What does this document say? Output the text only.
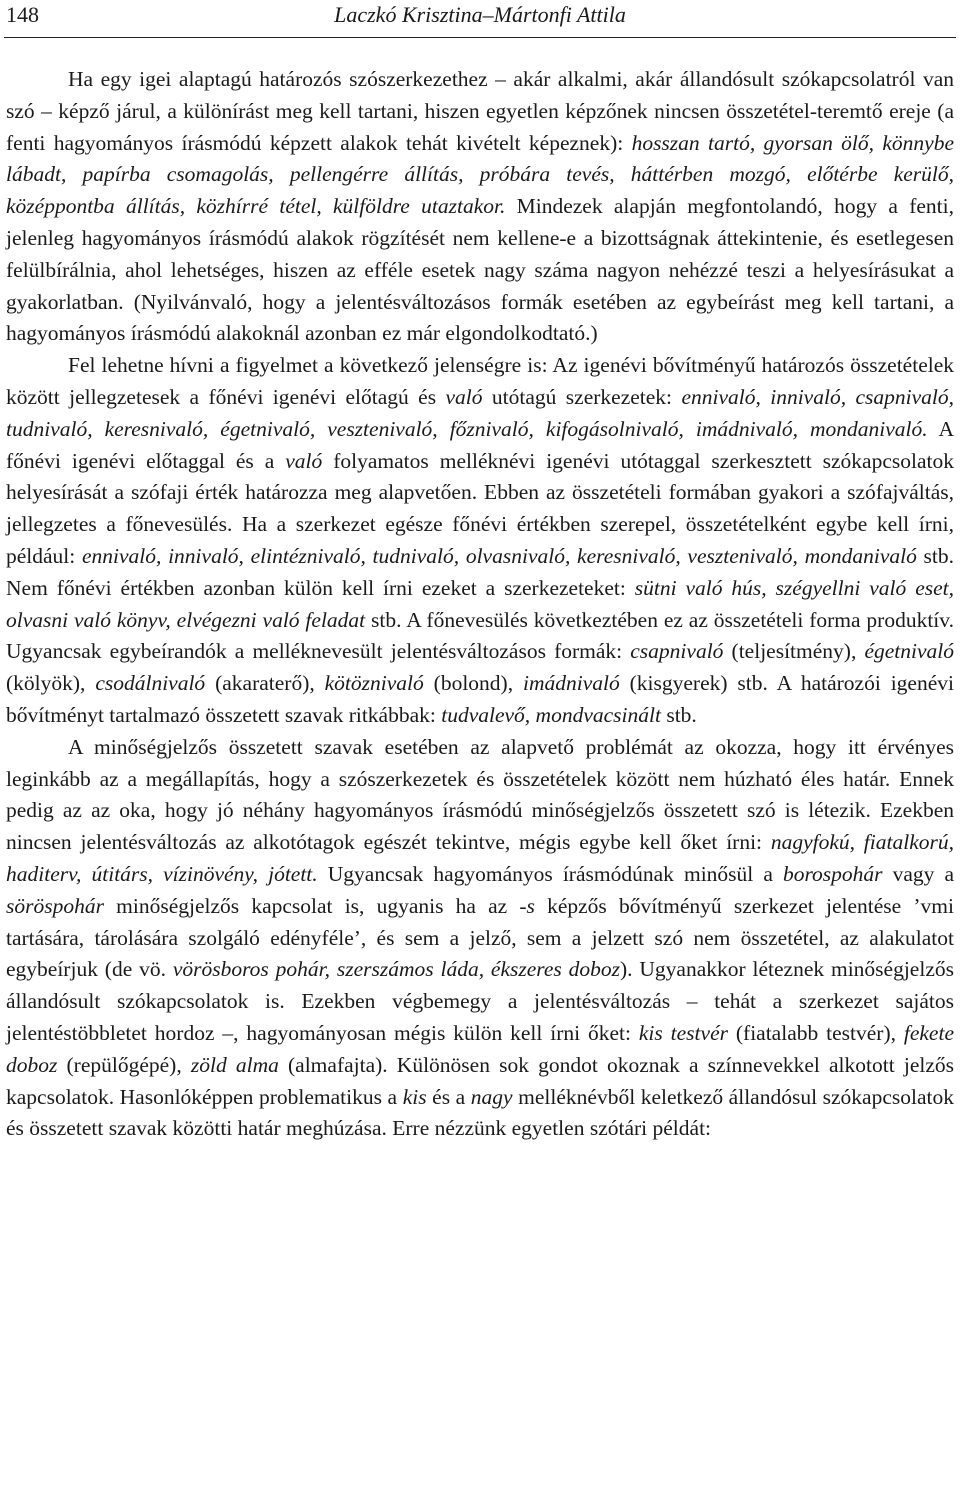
148	Laczkó Krisztina–Mártonfi Attila

Ha egy igei alaptagú határozós szószerkezethez – akár alkalmi, akár állandósult szókapcsolatról van szó – képző járul, a különírást meg kell tartani, hiszen egyetlen képzőnek nincsen összetétel-teremtő ereje (a fenti hagyományos írásmódú képzett alakok tehát kivételt képeznek): hosszan tartó, gyorsan ölő, könnybe lábadt, papírba csomagolás, pellengérre állítás, próbára tevés, háttérben mozgó, előtérbe kerülő, középpontba állítás, közhírré tétel, külföldre utaztakor. Mindezek alapján megfontolandó, hogy a fenti, jelenleg hagyományos írásmódú alakok rögzítését nem kellene-e a bizottságnak áttekintenie, és esetlegesen felülbírálnia, ahol lehetséges, hiszen az efféle esetek nagy száma nagyon nehézzé teszi a helyesírásukat a gyakorlatban. (Nyilvánvaló, hogy a jelentésváltozásos formák esetében az egybeírást meg kell tartani, a hagyományos írásmódú alakoknál azonban ez már elgondolkodtató.)

Fel lehetne hívni a figyelmet a következő jelenségre is: Az igenévi bővítményű határozós összetételek között jellegzetesek a főnévi igenévi előtagú és való utótagú szerkezetek: ennivaló, innivaló, csapnivaló, tudnivaló, keresnivaló, égetnivaló, vesztenivaló, főznivaló, kifogásolnivaló, imádnivaló, mondanivaló. A főnévi igenévi előtaggal és a való folyamatos melléknévi igenévi utótaggal szerkesztett szókapcsolatok helyesírását a szófaji érték határozza meg alapvetően. Ebben az összetételi formában gyakori a szófajváltás, jellegzetes a főnevesülés. Ha a szerkezet egésze főnévi értékben szerepel, összetételként egybe kell írni, például: ennivaló, innivaló, elintéznivaló, tudnivaló, olvasnivaló, keresnivaló, vesztenivalό, mondanivaló stb. Nem főnévi értékben azonban külön kell írni ezeket a szerkezeteket: sütni való hús, szégyellni való eset, olvasni való könyv, elvégezni való feladat stb. A főnevesülés következtében ez az összetételi forma produktív. Ugyancsak egybeírandók a melléknevesült jelentésváltozásos formák: csapnivaló (teljesítmény), égetnivaló (kölyök), csodálnivaló (akaraterő), kötöznivaló (bolond), imádnivaló (kisgyerek) stb. A határozói igenévi bővítményt tartalmazó összetett szavak ritkábbak: tudvalevő, mondvacsinált stb.

A minőségjelzős összetett szavak esetében az alapvető problémát az okozza, hogy itt érvényes leginkább az a megállapítás, hogy a szószerkezetek és összetételek között nem húzható éles határ. Ennek pedig az az oka, hogy jó néhány hagyományos írásmódú minőségjelzős összetett szó is létezik. Ezekben nincsen jelentésváltozás az alkotótagok egészét tekintve, mégis egybe kell őket írni: nagyfokú, fiatalkorú, haditerv, útitárs, vízinövény, jótett. Ugyancsak hagyományos írásmódúnak minősül a borospohár vagy a söröspohár minőségjelzős kapcsolat is, ugyanis ha az -s képzős bővítményű szerkezet jelentése ’vmi tartására, tárolására szolgáló edényféle’, és sem a jelző, sem a jelzett szó nem összetétel, az alakulatot egybeírjuk (de vö. vörösboros pohár, szerszámos láda, ékszeres doboz). Ugyanakkor léteznek minőségjelzős állandósult szókapcsolatok is. Ezekben végbemegy a jelentésváltozás – tehát a szerkezet sajátos jelentéstöbbletet hordoz –, hagyományosan mégis külön kell írni őket: kis testvér (fiatalabb testvér), fekete doboz (repülőgépé), zöld alma (almafajta). Különösen sok gondot okoznak a színnevekkel alkotott jelzős kapcsolatok. Hasonlóképpen problematikus a kis és a nagy melléknévből keletkező állandósul szókapcsolatok és összetett szavak közötti határ meghúzása. Erre nézzünk egyetlen szótári példát:
